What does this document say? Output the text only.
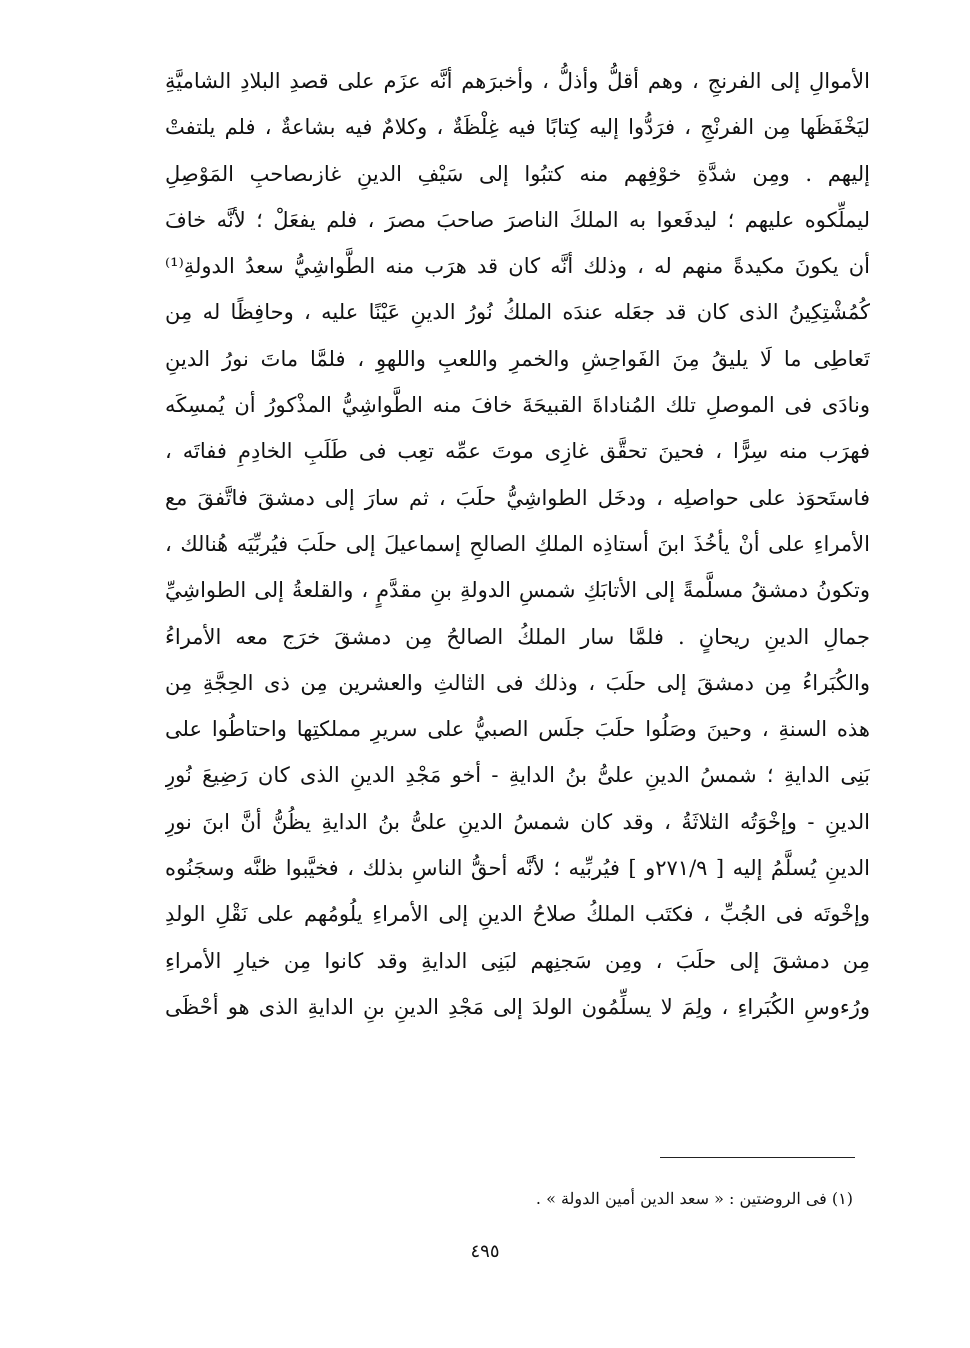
الأموالِ إلى الفرنجِ ، وهم أقلُّ وأذلُّ ، وأخبرَهم أنَّه عزَم على قصدِ البلادِ الشاميَّةِ
ليَخْفَظَها مِن الفرنْجِ ، فرَدُّوا إليه كِتابًا فيه غِلْظَةٌ ، وكلامٌ فيه بشاعةٌ ، فلم يلتفتْ
إليهم . ومِن شدَّةِ خوْفِهم منه كتبُوا إلى سَيْفِ الدينِ غازىصاحبِ المَوْصِلِ
ليملِّكوه عليهم ؛ ليدفَعوا به الملكَ الناصرَ صاحبَ مصرَ ، فلم يفعَلْ ؛ لأنَّه خافَ
أن يكونَ مكيدةً منهم له ، وذلك أنَّه كان قد هرَب منه الطَّواشِيُّ سعدُ الدولةِ⁽¹⁾
كُمُشْتِكِينُ الذى كان قد جعَله عندَه الملكُ نُورُ الدينِ عَيْنًا عليه ، وحافِظًا له مِن
تَعاطِى ما لَا يليقُ مِنَ الفَواحِشِ والخمرِ واللعبِ واللهوِ ، فلمَّا ماتَ نورُ الدينِ
ونادَى فى الموصلِ تلك المُناداةَ القبيحَةَ خافَ منه الطَّواشِيُّ المذْكورُ أن يُمسِكَه
فهرَب منه سِرًّا ، فحينَ تحقَّق غازِى موتَ عمِّه تعِب فى طَلَبِ الخادِمِ ففاتَه ،
فاستَحوَذ على حواصلِه ، ودخَل الطواشِيُّ حلَبَ ، ثم سارَ إلى دمشقَ فاتَّفقَ مع
الأمراءِ على أنْ يأخُذَ ابنَ أستاذِه الملكِ الصالحِ إسماعيلَ إلى حلَبَ فيُربِّيَه هُنالك ،
وتكونُ دمشقُ مسلَّمةً إلى الأتابَكِ شمسِ الدولةِ بنِ مقدَّمٍ ، والقلعةُ إلى الطواشِيِّ
جمالِ الدينِ ريحانٍ . فلمَّا سار الملكُ الصالحُ مِن دمشقَ خرَج معه الأمراءُ
والكُبَراءُ مِن دمشقَ إلى حلَبَ ، وذلك فى الثالثِ والعشرين مِن ذى الحِجَّةِ مِن
هذه السنةِ ، وحينَ وصَلُوا حلَبَ جلَس الصبيُّ على سريرِ مملكتِها واحتاطُوا على
بَنِى الدايةِ ؛ شمسُ الدينِ علىُّ بنُ الدايةِ - أخو مَجْدِ الدينِ الذى كان رَضِيعَ نُورِ
الدينِ - وإخْوَتُه الثلاثَةُ ، وقد كان شمسُ الدينِ علىُّ بنُ الدايةِ يظُنُّ أنَّ ابنَ نورِ
الدينِ يُسلَّمُ إليه [ ٢٧١/٩و ] فيُربِّيه ؛ لأنَّه أحقُّ الناسِ بذلك ، فخيَّبوا ظنَّه وسجَنُوه
وإخْوتَه فى الجُبِّ ، فكتَب الملكُ صلاحُ الدينِ إلى الأمراءِ يلُومُهم على نَقْلِ الولدِ
مِن دمشقَ إلى حلَبَ ، ومِن سَجنِهم لبَنِى الدايةِ وقد كانوا مِن خيارِ الأمراءِ
ورُءوسِ الكُبَراءِ ، ولِمَ لا يسلِّمُون الولدَ إلى مَجْدِ الدينِ بنِ الدايةِ الذى هو أحْظَى
(١) فى الروضتين : « سعد الدين أمين الدولة » .
٤٩٥
